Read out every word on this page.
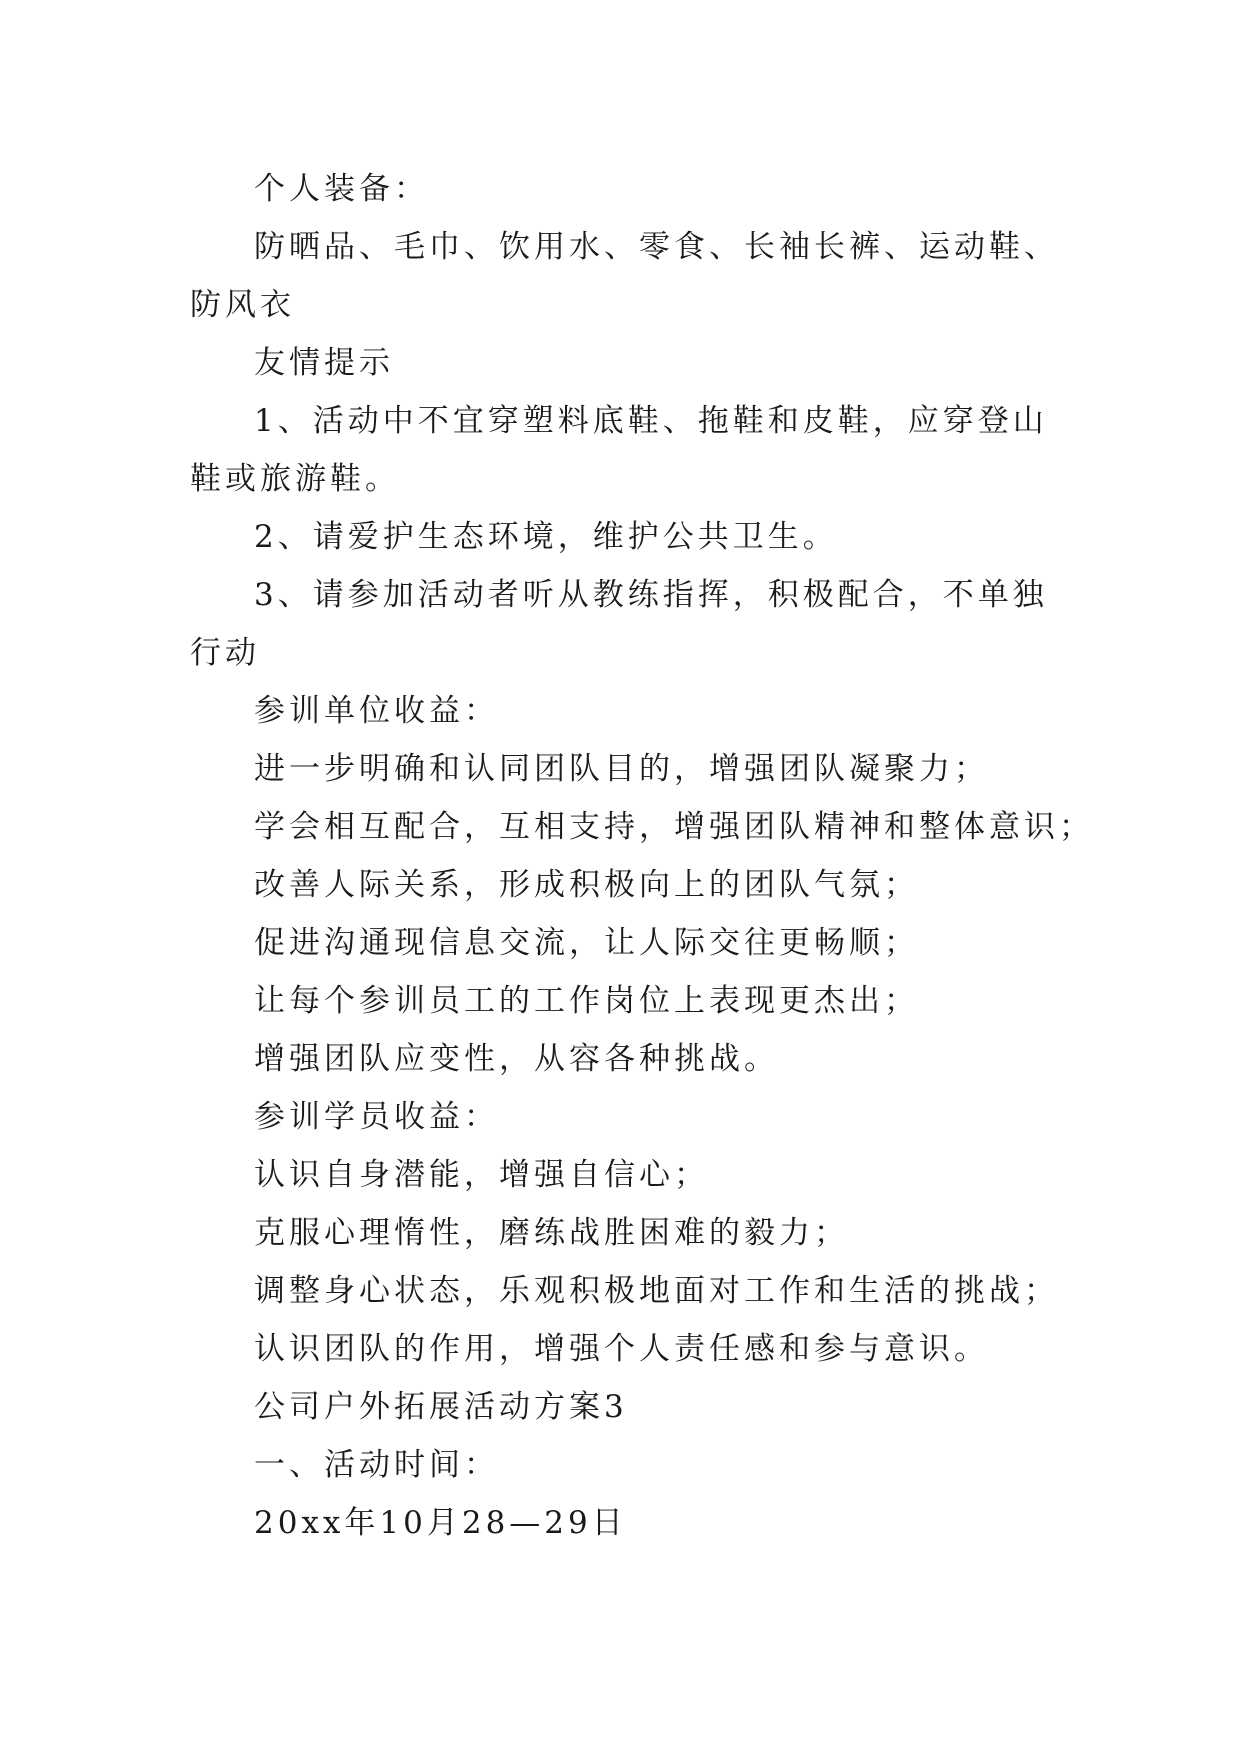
个人装备：

防晒品、毛巾、饮用水、零食、长袖长裤、运动鞋、防风衣

友情提示

1、活动中不宜穿塑料底鞋、拖鞋和皮鞋，应穿登山鞋或旅游鞋。

2、请爱护生态环境，维护公共卫生。

3、请参加活动者听从教练指挥，积极配合，不单独行动

参训单位收益：

进一步明确和认同团队目的，增强团队凝聚力；

学会相互配合，互相支持，增强团队精神和整体意识；

改善人际关系，形成积极向上的团队气氛；

促进沟通现信息交流，让人际交往更畅顺；

让每个参训员工的工作岗位上表现更杰出；

增强团队应变性，从容各种挑战。

参训学员收益：

认识自身潜能，增强自信心；

克服心理惰性，磨练战胜困难的毅力；

调整身心状态，乐观积极地面对工作和生活的挑战；

认识团队的作用，增强个人责任感和参与意识。

公司户外拓展活动方案3

一、活动时间：

20xx年10月28—29日
